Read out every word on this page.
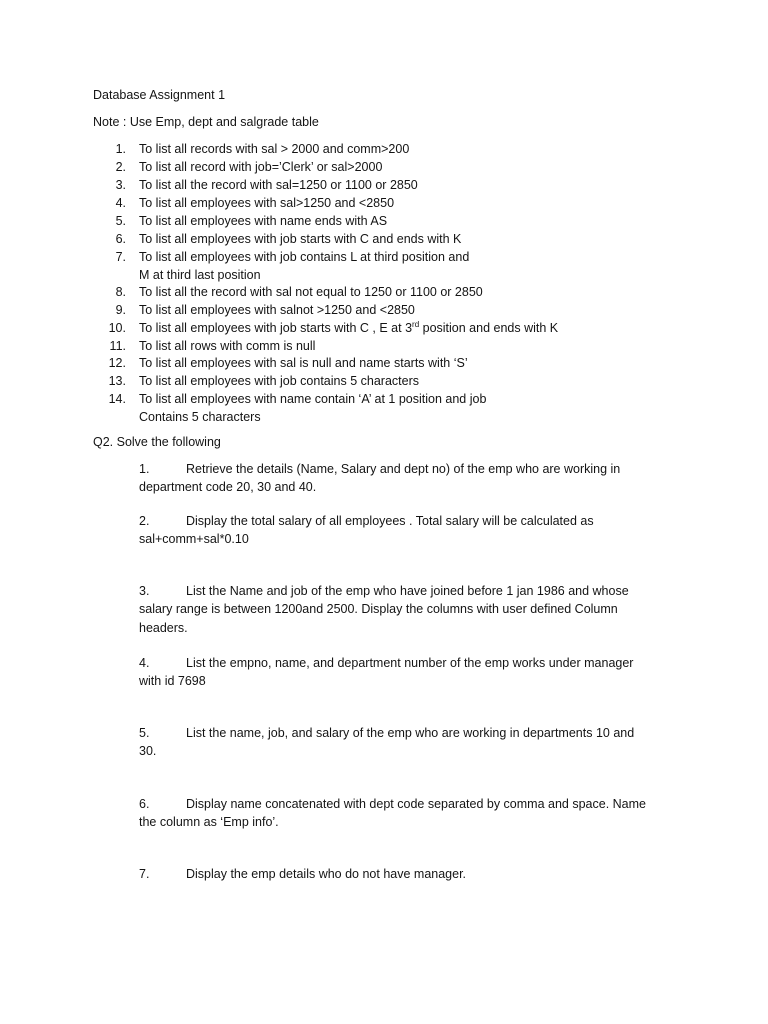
Database Assignment 1
Note : Use Emp, dept and salgrade table
1. To list all records with sal > 2000 and comm>200
2. To list all record with job=’Clerk’ or sal>2000
3. To list all the record with sal=1250 or 1100 or 2850
4. To list all employees with sal>1250 and <2850
5. To list all employees with name ends with AS
6. To list all employees with job starts with C and ends with K
7. To list all employees with job contains L at third position and
M at third last position
8. To list all the record with sal not equal to 1250 or 1100 or 2850
9. To list all employees with salnot >1250 and <2850
10. To list all employees with job starts with C , E at 3rd position and ends with K
11. To list all rows with comm is null
12. To list all employees with sal is null and name starts with ‘S’
13. To list all employees with job contains 5 characters
14. To list all employees with name contain ‘A’ at 1 position and job
Contains 5 characters
Q2. Solve the following
1.	Retrieve the details (Name, Salary and dept no) of the emp who are working in
department code 20, 30 and 40.
2.	Display the total salary of all employees . Total salary will be calculated as
sal+comm+sal*0.10
3.	List the Name and job of the emp who have joined before 1 jan 1986 and whose
salary range is between 1200and 2500. Display the columns with user defined Column
headers.
4.	List the empno, name, and department number of the emp works under manager
with id 7698
5.	List the name, job, and salary of the emp who are working in departments 10 and
30.
6.	Display name concatenated with dept code separated by comma and space. Name
the column as ‘Emp info’.
7.	Display the emp details who do not have manager.
